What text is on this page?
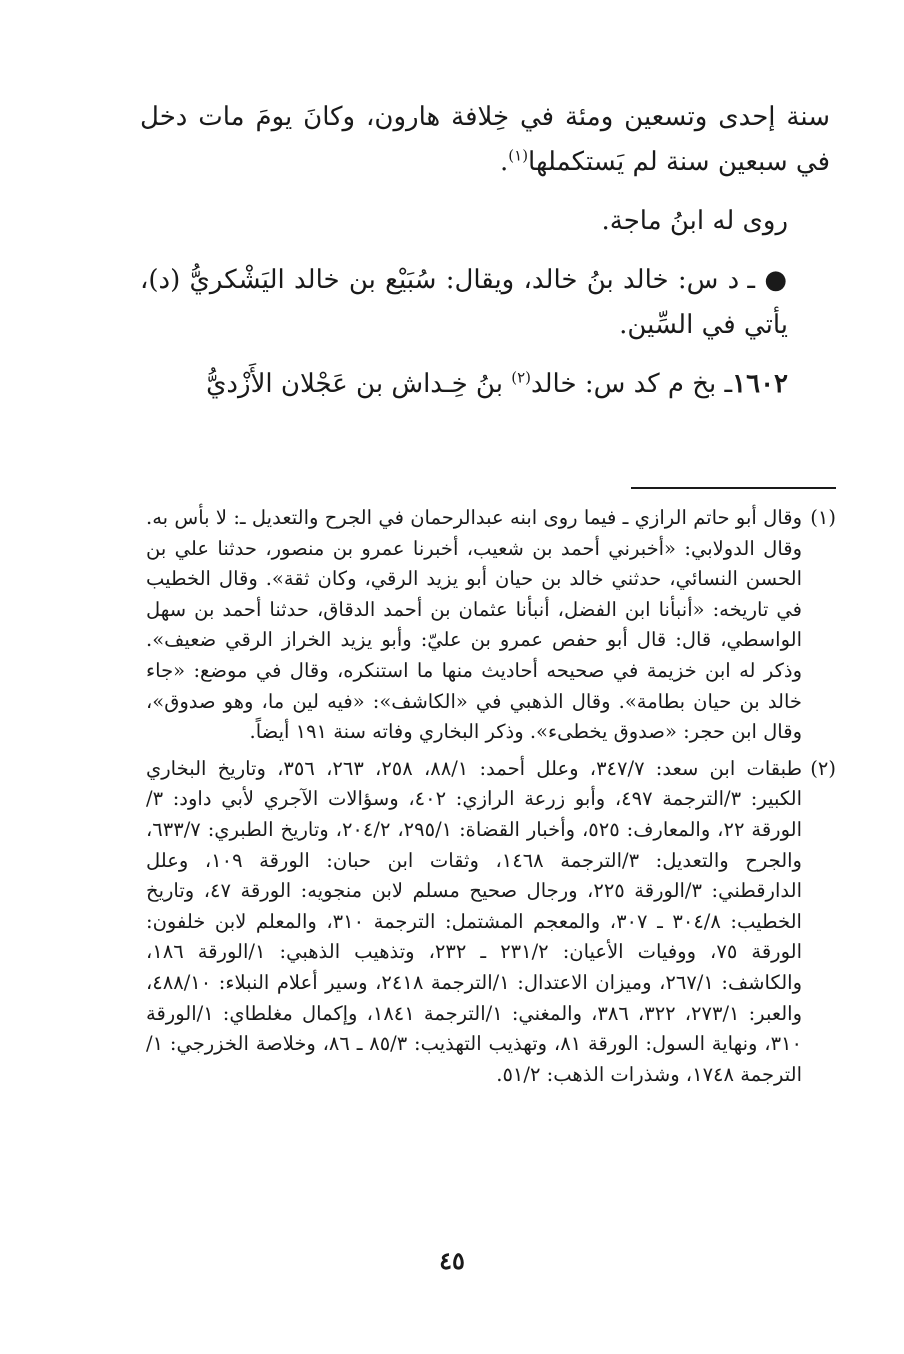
سنة إحدى وتسعين ومئة في خِلافة هارون، وكانَ يومَ مات دخل في سبعين سنة لم يَستكملها$^{(١)}$.

روى له ابنُ ماجة.

● ـ د س: خالد بنُ خالد، ويقال: سُبَيْع بن خالد اليَشْكريُّ (د)، يأتي في السِّين.

١٦٠٢ـ بخ م كد س: خالد$^{(٢)}$ بنُ خِـداش بن عَجْلان الأَزْديُّ

(١)
وقال أبو حاتم الرازي ـ فيما روى ابنه عبدالرحمان في الجرح والتعديل ـ: لا بأس به. وقال الدولابي: «أخبرني أحمد بن شعيب، أخبرنا عمرو بن منصور، حدثنا علي بن الحسن النسائي، حدثني خالد بن حيان أبو يزيد الرقي، وكان ثقة». وقال الخطيب في تاريخه: «أنبأنا ابن الفضل، أنبأنا عثمان بن أحمد الدقاق، حدثنا أحمد بن سهل الواسطي، قال: قال أبو حفص عمرو بن عليّ: وأبو يزيد الخراز الرقي ضعيف». وذكر له ابن خزيمة في صحيحه أحاديث منها ما استنكره، وقال في موضع: «جاء خالد بن حيان بطامة». وقال الذهبي في «الكاشف»: «فيه لين ما، وهو صدوق»، وقال ابن حجر: «صدوق يخطىء». وذكر البخاري وفاته سنة ١٩١ أيضاً.
(٢)
طبقات ابن سعد: ٣٤٧/٧، وعلل أحمد: ٨٨/١، ٢٥٨، ٢٦٣، ٣٥٦، وتاريخ البخاري الكبير: ٣/الترجمة ٤٩٧، وأبو زرعة الرازي: ٤٠٢، وسؤالات الآجري لأبي داود: ٣/الورقة ٢٢، والمعارف: ٥٢٥، وأخبار القضاة: ٢٩٥/١، ٢٠٤/٢، وتاريخ الطبري: ٦٣٣/٧، والجرح والتعديل: ٣/الترجمة ١٤٦٨، وثقات ابن حبان: الورقة ١٠٩، وعلل الدارقطني: ٣/الورقة ٢٢٥، ورجال صحيح مسلم لابن منجويه: الورقة ٤٧، وتاريخ الخطيب: ٣٠٤/٨ ـ ٣٠٧، والمعجم المشتمل: الترجمة ٣١٠، والمعلم لابن خلفون: الورقة ٧٥، ووفيات الأعيان: ٢٣١/٢ ـ ٢٣٢، وتذهيب الذهبي: ١/الورقة ١٨٦، والكاشف: ٢٦٧/١، وميزان الاعتدال: ١/الترجمة ٢٤١٨، وسير أعلام النبلاء: ٤٨٨/١٠، والعبر: ٢٧٣/١، ٣٢٢، ٣٨٦، والمغني: ١/الترجمة ١٨٤١، وإكمال مغلطاي: ١/الورقة ٣١٠، ونهاية السول: الورقة ٨١، وتهذيب التهذيب: ٨٥/٣ ـ ٨٦، وخلاصة الخزرجي: ١/الترجمة ١٧٤٨، وشذرات الذهب: ٥١/٢.
٤٥
